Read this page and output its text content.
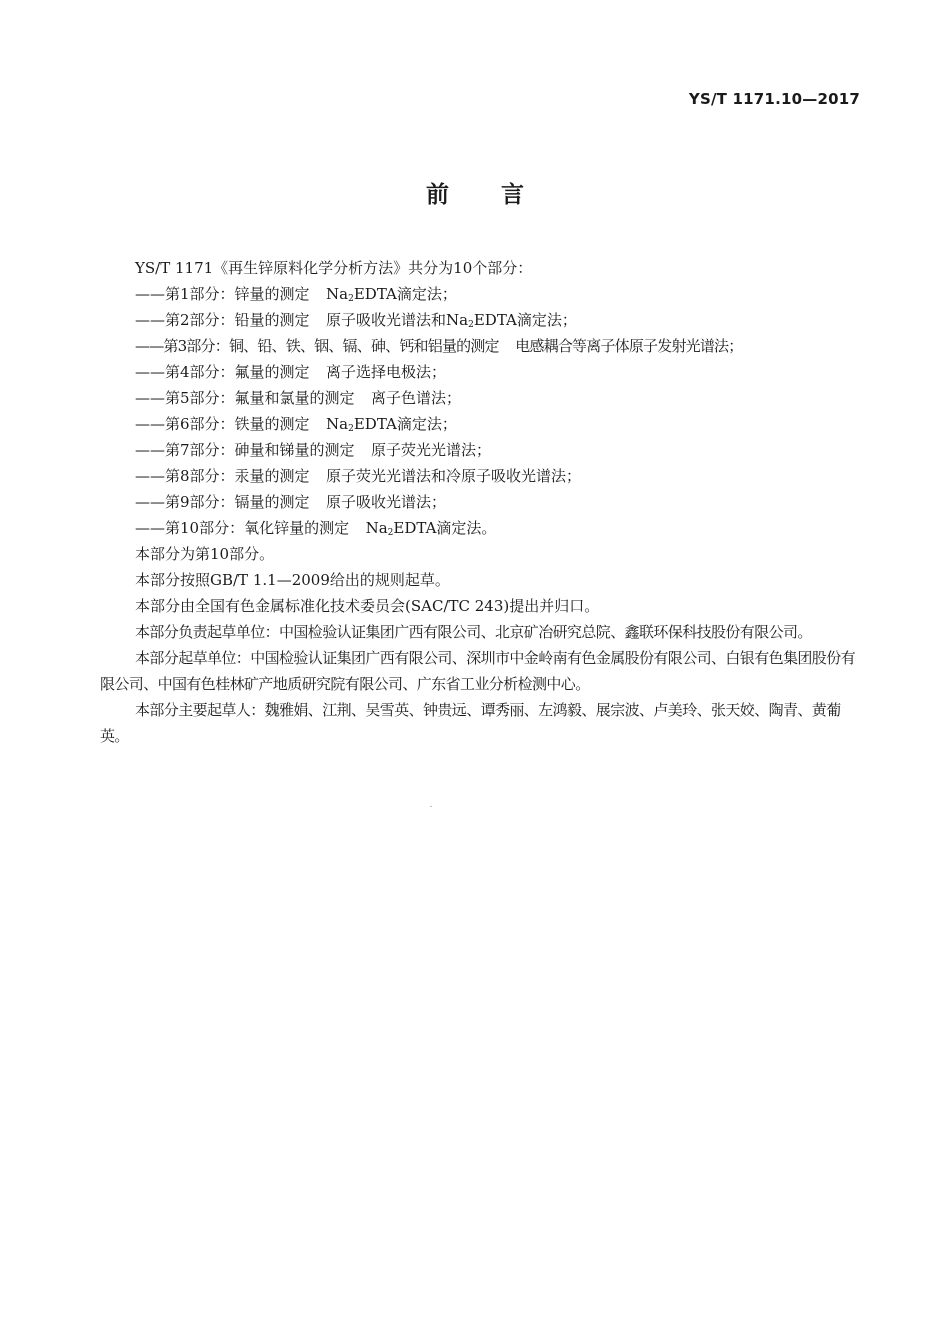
YS/T 1171.10—2017
前言

YS/T 1171《再生锌原料化学分析方法》共分为10个部分：

——第1部分：锌量的测定 $Na_2EDTA$滴定法；
——第2部分：铅量的测定 原子吸收光谱法和$Na_2EDTA$滴定法；
——第3部分：铜、铅、铁、铟、镉、砷、钙和铝量的测定 电感耦合等离子体原子发射光谱法；
——第4部分：氟量的测定 离子选择电极法；
——第5部分：氟量和氯量的测定 离子色谱法；
——第6部分：铁量的测定 $Na_2EDTA$滴定法；
——第7部分：砷量和锑量的测定 原子荧光光谱法；
——第8部分：汞量的测定 原子荧光光谱法和冷原子吸收光谱法；
——第9部分：镉量的测定 原子吸收光谱法；
——第10部分：氧化锌量的测定 $Na_2EDTA$滴定法。

本部分为第10部分。

本部分按照GB/T 1.1—2009给出的规则起草。

本部分由全国有色金属标准化技术委员会(SAC/TC 243)提出并归口。

本部分负责起草单位：中国检验认证集团广西有限公司、北京矿冶研究总院、鑫联环保科技股份有限公司。

本部分起草单位：中国检验认证集团广西有限公司、深圳市中金岭南有色金属股份有限公司、白银有色集团股份有限公司、中国有色桂林矿产地质研究院有限公司、广东省工业分析检测中心。

本部分主要起草人：魏雅娟、江荆、吴雪英、钟贵远、谭秀丽、左鸿毅、展宗波、卢美玲、张天姣、陶青、黄葡英。
